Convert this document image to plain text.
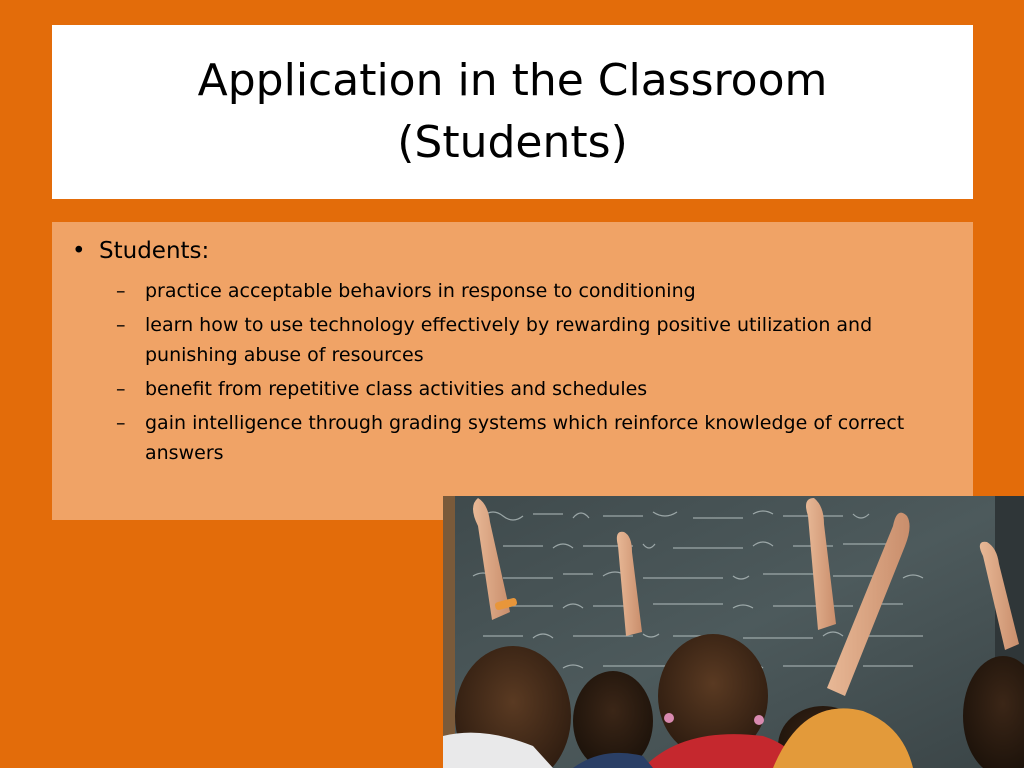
Application in the Classroom (Students)
• Students:
– practice acceptable behaviors in response to conditioning
– learn how to use technology effectively by rewarding positive utilization and punishing abuse of resources
– benefit from repetitive class activities and schedules
– gain intelligence through grading systems which reinforce knowledge of correct answers
